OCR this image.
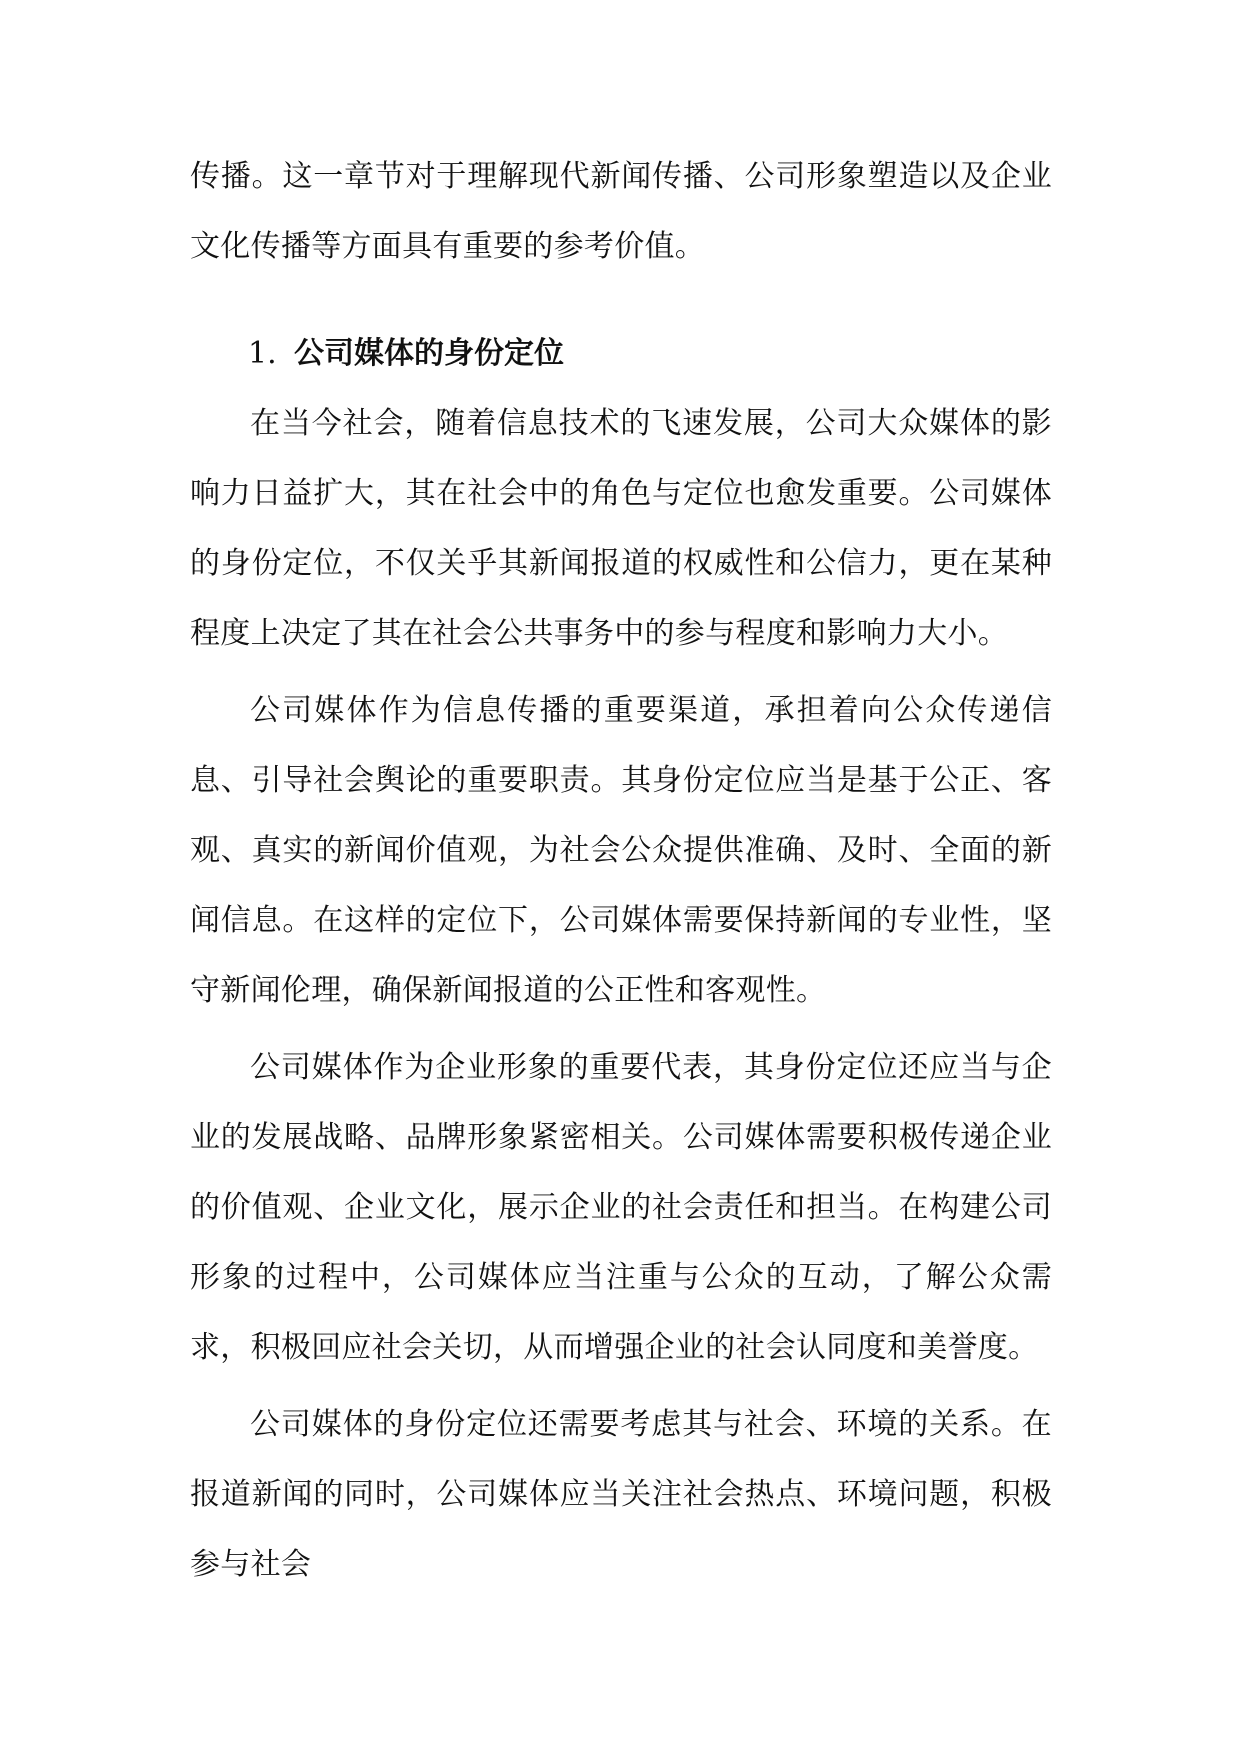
传播。这一章节对于理解现代新闻传播、公司形象塑造以及企业文化传播等方面具有重要的参考价值。

1. 公司媒体的身份定位

在当今社会，随着信息技术的飞速发展，公司大众媒体的影响力日益扩大，其在社会中的角色与定位也愈发重要。公司媒体的身份定位，不仅关乎其新闻报道的权威性和公信力，更在某种程度上决定了其在社会公共事务中的参与程度和影响力大小。

公司媒体作为信息传播的重要渠道，承担着向公众传递信息、引导社会舆论的重要职责。其身份定位应当是基于公正、客观、真实的新闻价值观，为社会公众提供准确、及时、全面的新闻信息。在这样的定位下，公司媒体需要保持新闻的专业性，坚守新闻伦理，确保新闻报道的公正性和客观性。

公司媒体作为企业形象的重要代表，其身份定位还应当与企业的发展战略、品牌形象紧密相关。公司媒体需要积极传递企业的价值观、企业文化，展示企业的社会责任和担当。在构建公司形象的过程中，公司媒体应当注重与公众的互动，了解公众需求，积极回应社会关切，从而增强企业的社会认同度和美誉度。

公司媒体的身份定位还需要考虑其与社会、环境的关系。在报道新闻的同时，公司媒体应当关注社会热点、环境问题，积极参与社会
